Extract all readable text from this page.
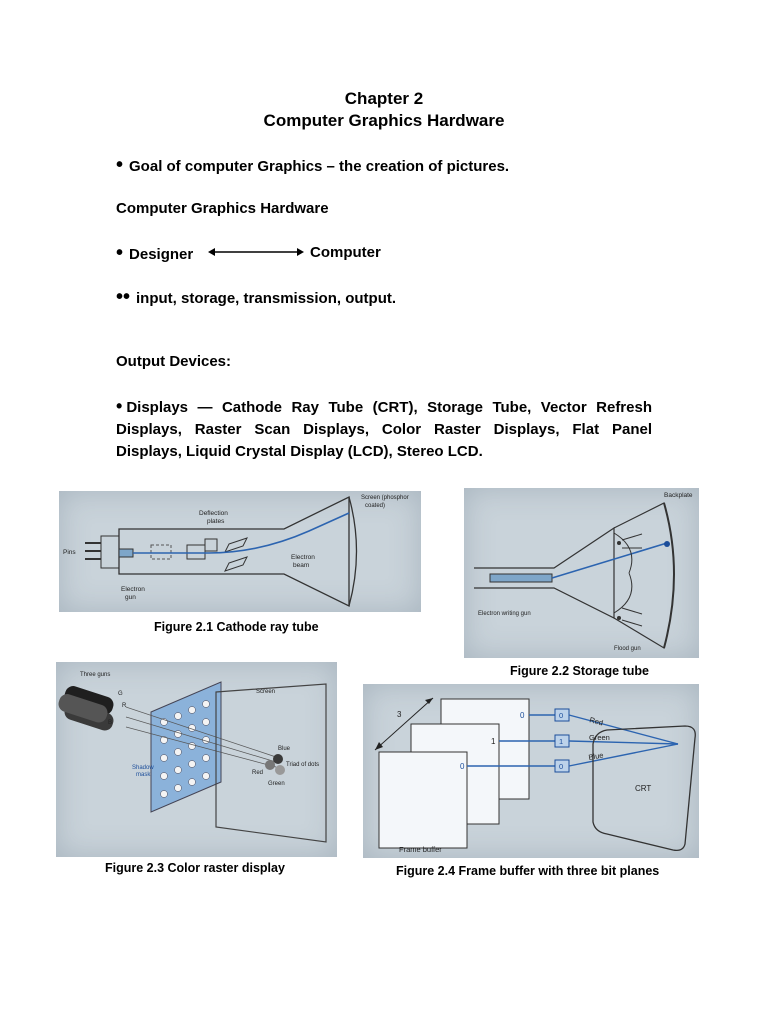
Chapter 2
Computer Graphics Hardware
• Goal of computer Graphics – the creation of pictures.
Computer Graphics Hardware
• Designer	Computer
•• input, storage, transmission, output.
Output Devices:
• Displays — Cathode Ray Tube (CRT), Storage Tube, Vector Refresh Displays, Raster Scan Displays, Color Raster Displays, Flat Panel Displays, Liquid Crystal Display (LCD), Stereo LCD.
Pins
Deflection
plates
Screen (phosphor
coated)
Electron
beam
Electron
gun
Figure 2.1 Cathode ray tube
Backplate
Electron writing gun
Flood gun
Figure 2.2 Storage tube
Three guns
G
R
B
Shadow
mask
Screen
Blue
Red
Green
Triad of dots
Figure 2.3 Color raster display
3
Frame buffer
0
1
0
0
1
0
Red
Green
Blue
CRT
Figure 2.4 Frame buffer with three bit planes
